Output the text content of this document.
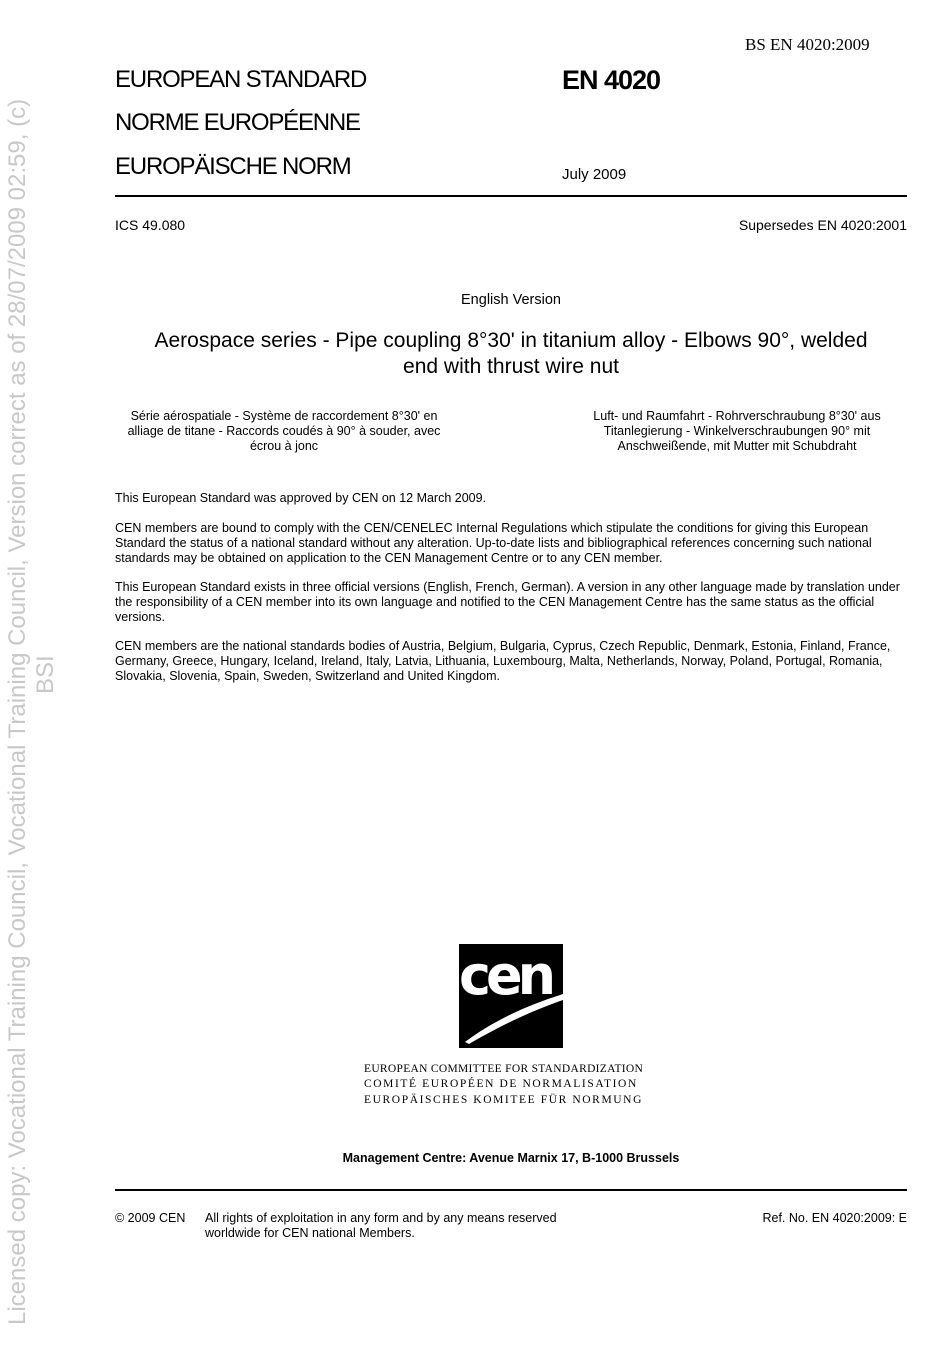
Licensed copy: Vocational Training Council, Vocational Training Council, Version correct as of 28/07/2009 02:59, (c) BSI
BS EN 4020:2009
EUROPEAN STANDARD
NORME EUROPÉENNE
EUROPÄISCHE NORM
EN 4020
July 2009
ICS 49.080	Supersedes EN 4020:2001
English Version
Aerospace series - Pipe coupling 8°30' in titanium alloy - Elbows 90°, welded end with thrust wire nut
Série aérospatiale - Système de raccordement 8°30' en alliage de titane - Raccords coudés à 90° à souder, avec écrou à jonc
Luft- und Raumfahrt - Rohrverschraubung 8°30' aus Titanlegierung - Winkelverschraubungen 90° mit Anschweißende, mit Mutter mit Schubdraht
This European Standard was approved by CEN on 12 March 2009.
CEN members are bound to comply with the CEN/CENELEC Internal Regulations which stipulate the conditions for giving this European Standard the status of a national standard without any alteration. Up-to-date lists and bibliographical references concerning such national standards may be obtained on application to the CEN Management Centre or to any CEN member.
This European Standard exists in three official versions (English, French, German). A version in any other language made by translation under the responsibility of a CEN member into its own language and notified to the CEN Management Centre has the same status as the official versions.
CEN members are the national standards bodies of Austria, Belgium, Bulgaria, Cyprus, Czech Republic, Denmark, Estonia, Finland, France, Germany, Greece, Hungary, Iceland, Ireland, Italy, Latvia, Lithuania, Luxembourg, Malta, Netherlands, Norway, Poland, Portugal, Romania, Slovakia, Slovenia, Spain, Sweden, Switzerland and United Kingdom.
cen
EUROPEAN COMMITTEE FOR STANDARDIZATION
COMITÉ EUROPÉEN DE NORMALISATION
EUROPÄISCHES KOMITEE FÜR NORMUNG
Management Centre: Avenue Marnix 17, B-1000 Brussels
© 2009 CEN All rights of exploitation in any form and by any means reserved
worldwide for CEN national Members.
Ref. No. EN 4020:2009: E
